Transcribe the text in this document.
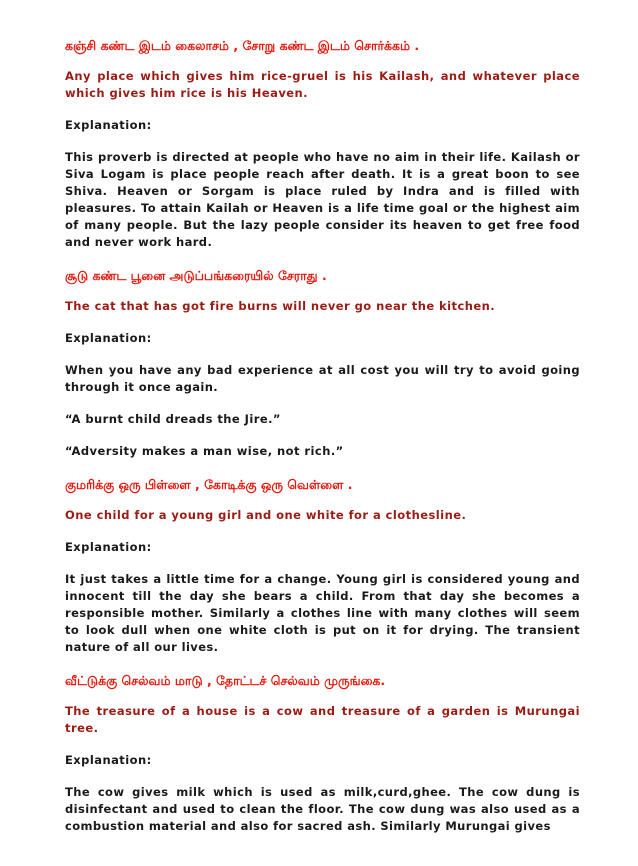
கஞ்சி கண்ட இடம் கைலாசம் , சோறு கண்ட இடம் சொர்க்கம் .

Any place which gives him rice-gruel is his Kailash, and whatever place which gives him rice is his Heaven.

Explanation:

This proverb is directed at people who have no aim in their life. Kailash or Siva Logam is place people reach after death. It is a great boon to see Shiva. Heaven or Sorgam is place ruled by Indra and is filled with pleasures. To attain Kailah or Heaven is a life time goal or the highest aim of many people. But the lazy people consider its heaven to get free food and never work hard.

சூடு கண்ட பூனை அடுப்பங்கரையில் சேராது .

The cat that has got fire burns will never go near the kitchen.

Explanation:

When you have any bad experience at all cost you will try to avoid going through it once again.

“A burnt child dreads the Jire.”

“Adversity makes a man wise, not rich.”

குமரிக்கு ஒரு பிள்ளை , கோடிக்கு ஒரு வெள்ளை .

One child for a young girl and one white for a clothesline.

Explanation:

It just takes a little time for a change. Young girl is considered young and innocent till the day she bears a child. From that day she becomes a responsible mother. Similarly a clothes line with many clothes will seem to look dull when one white cloth is put on it for drying. The transient nature of all our lives.

வீட்டுக்கு செல்வம் மாடு , தோட்டச் செல்வம் முருங்கை.

The treasure of a house is a cow and treasure of a garden is Murungai tree.

Explanation:

The cow gives milk which is used as milk,curd,ghee. The cow dung is disinfectant and used to clean the floor. The cow dung was also used as a combustion material and also for sacred ash. Similarly Murungai gives
